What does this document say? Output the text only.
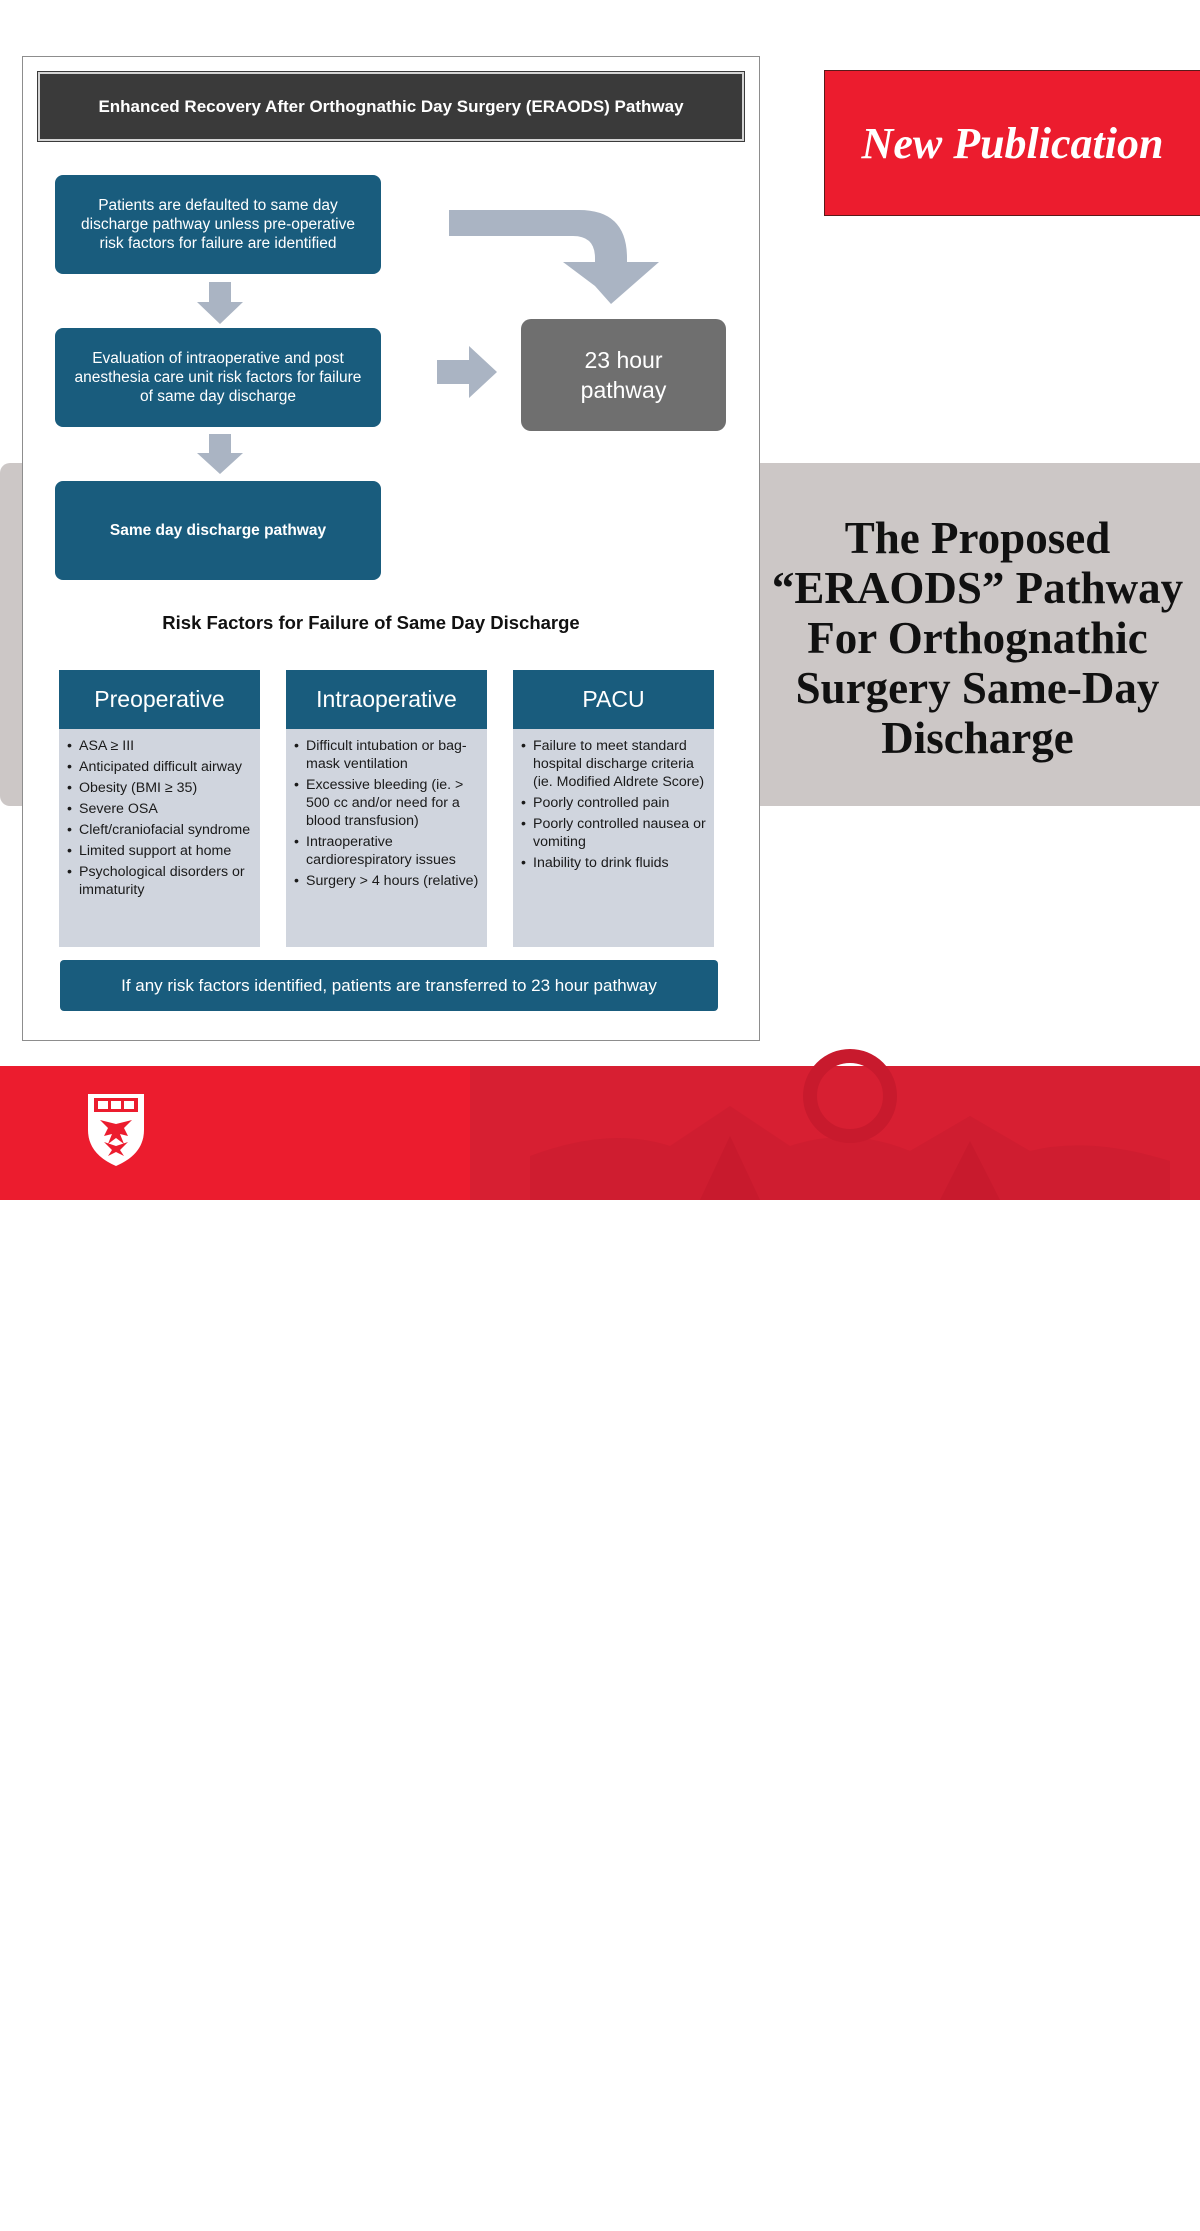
McGill
Enhanced Recovery After Orthognathic Day Surgery (ERAODS) Pathway
Patients are defaulted to same day discharge pathway unless pre-operative risk factors for failure are identified
Evaluation of intraoperative and post anesthesia care unit risk factors for failure of same day discharge
Same day discharge pathway
23 hour pathway
Risk Factors for Failure of Same Day Discharge
Preoperative
• ASA ≥ III
• Anticipated difficult airway
• Obesity (BMI ≥ 35)
• Severe OSA
• Cleft/craniofacial syndrome
• Limited support at home
• Psychological disorders or immaturity
Intraoperative
• Difficult intubation or bag-mask ventilation
• Excessive bleeding (ie. > 500 cc and/or need for a blood transfusion)
• Intraoperative cardiorespiratory issues
• Surgery > 4 hours (relative)
PACU
• Failure to meet standard hospital discharge criteria (ie. Modified Aldrete Score)
• Poorly controlled pain
• Poorly controlled nausea or vomiting
• Inability to drink fluids
If any risk factors identified, patients are transferred to 23 hour pathway
New Publication
The Proposed “ERAODS” Pathway For Orthognathic Surgery Same-Day Discharge
